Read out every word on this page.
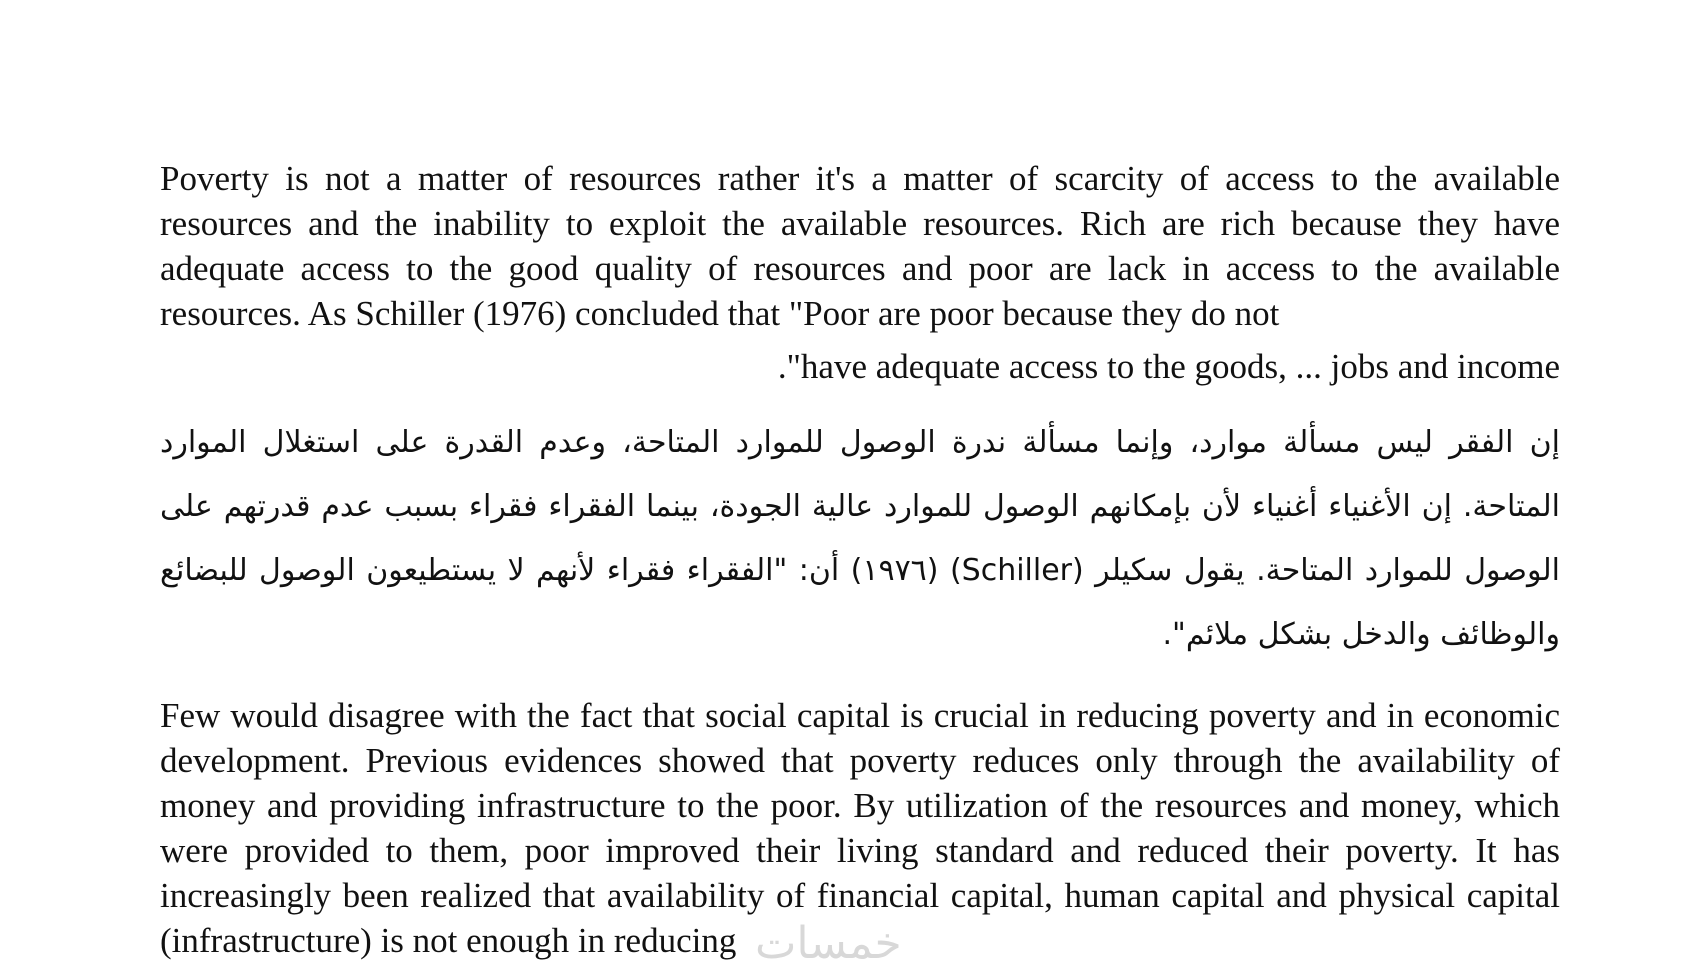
Poverty is not a matter of resources rather it's a matter of scarcity of access to the available resources and the inability to exploit the available resources. Rich are rich because they have adequate access to the good quality of resources and poor are lack in access to the available resources. As Schiller (1976) concluded that "Poor are poor because they do not

."have adequate access to the goods, ... jobs and income

إن الفقر ليس مسألة موارد، وإنما مسألة ندرة الوصول للموارد المتاحة، وعدم القدرة على استغلال الموارد المتاحة. إن الأغنياء أغنياء لأن بإمكانهم الوصول للموارد عالية الجودة، بينما الفقراء فقراء بسبب عدم قدرتهم على الوصول للموارد المتاحة. يقول سكيلر (Schiller) (١٩٧٦) أن: "الفقراء فقراء لأنهم لا يستطيعون الوصول للبضائع والوظائف والدخل بشكل ملائم".

Few would disagree with the fact that social capital is crucial in reducing poverty and in economic development. Previous evidences showed that poverty reduces only through the availability of money and providing infrastructure to the poor. By utilization of the resources and money, which were provided to them, poor improved their living standard and reduced their poverty. It has increasingly been realized that availability of financial capital, human capital and physical capital (infrastructure) is not enough in reducing خمسات
